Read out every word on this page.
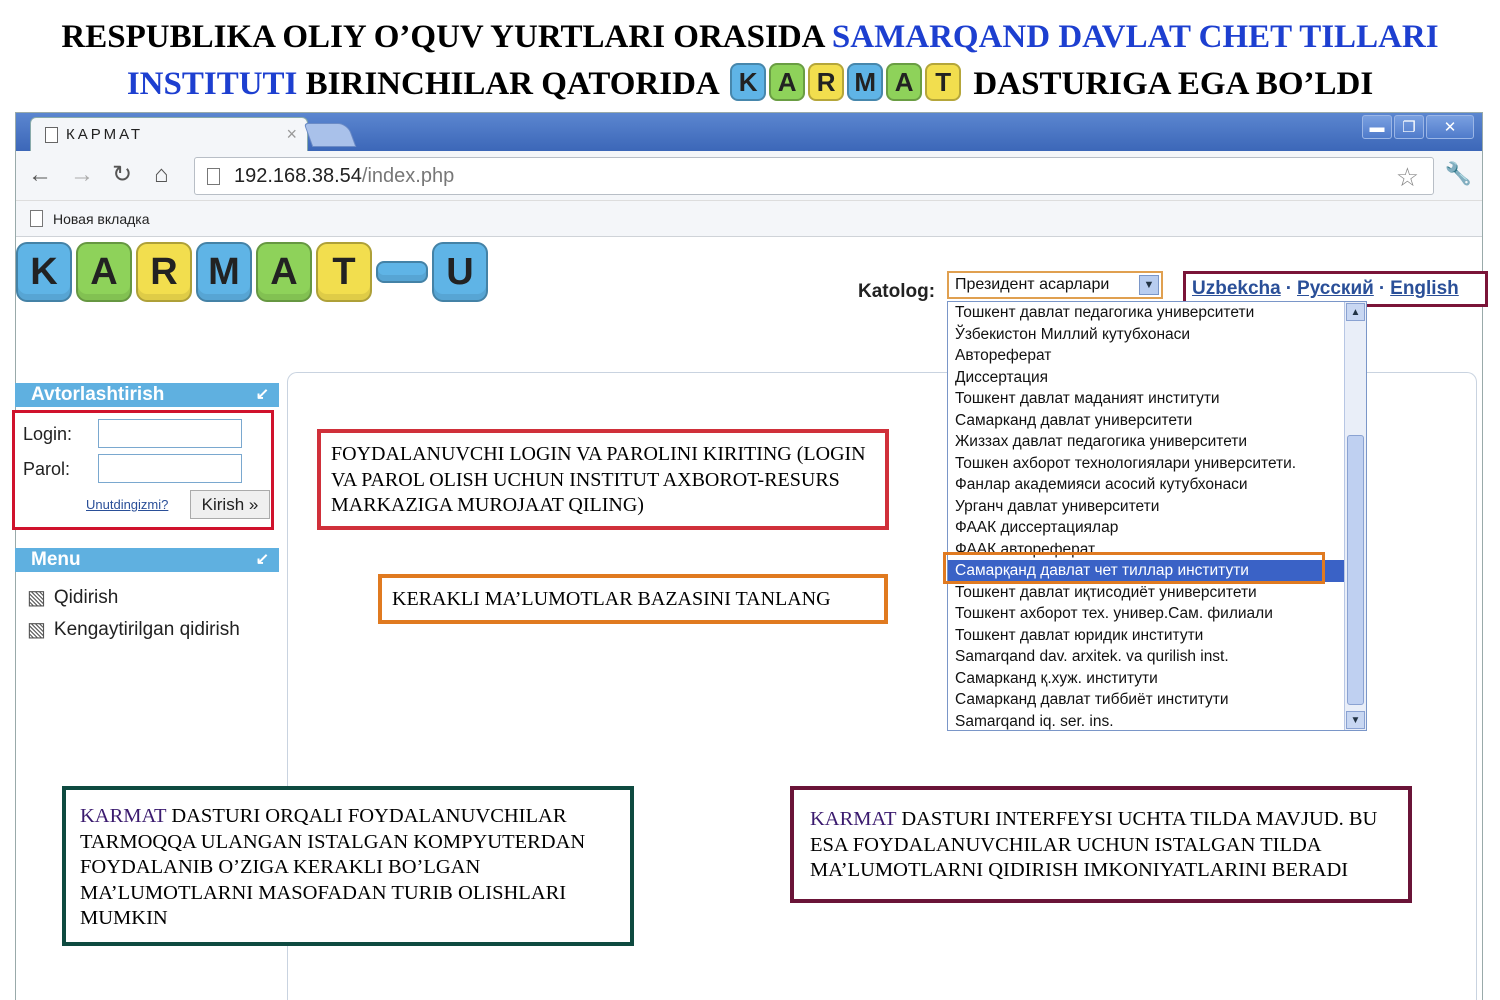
RESPUBLIKA OLIY O’QUV YURTLARI ORASIDA SAMARQAND DAVLAT CHET TILLARI
INSTITUTI BIRINCHILAR QATORIDA K A R M A T DASTURIGA EGA BO’LDI
КАРМАТ	×	▬	❐	✕
← → ↻ ⌂	192.168.38.54 /index.php	☆ 🔧
Новая вкладка
K A R M A T	U	Katolog:	Президент асарлари	▼ Uzbekcha · Русский · English
Тошкент давлат педагогика университети
Ўзбекистон Миллий кутубхонаси
Автореферат
Диссертация
Тошкент давлат маданият институти
Самарканд давлат университети
Жиззах давлат педагогика университети
Тошкен ахборот технологиялари университети.
Фанлар академияси асосий кутубхонаси
Урганч давлат университети
ФААК диссертациялар
ФААК автореферат
Самарқанд давлат чет тиллар институти
Тошкент давлат иқтисодиёт университети
Тошкент ахборот тех. унивeр.Сам. филиали
Тошкент давлат юридик институти
Samarqand dav. arxitek. va qurilish inst.
Самарканд қ.хуж. институти
Самарканд давлат тиббиёт институти
Samarqand iq. ser. ins.
▲
▼
Avtorlashtirish	↙
Login:
Parol:
Unutdingizmi?	Kirish »
Menu	↙
▧ Qidirish
▧ Kengaytirilgan qidirish
FOYDALANUVCHI LOGIN VA PAROLINI KIRITING (LOGIN VA PAROL OLISH UCHUN INSTITUT AXBOROT-RESURS MARKAZIGA MUROJAAT QILING)
KERAKLI MA’LUMOTLAR BAZASINI TANLANG
KARMAT DASTURI ORQALI FOYDALANUVCHILAR TARMOQQA ULANGAN ISTALGAN KOMPYUTERDAN FOYDALANIB O’ZIGA KERAKLI BO’LGAN MA’LUMOTLARNI MASOFADAN TURIB OLISHLARI MUMKIN
KARMAT DASTURI INTERFEYSI UCHTA TILDA MAVJUD. BU ESA FOYDALANUVCHILAR UCHUN ISTALGAN TILDA MA’LUMOTLARNI QIDIRISH IMKONIYATLARINI BERADI
